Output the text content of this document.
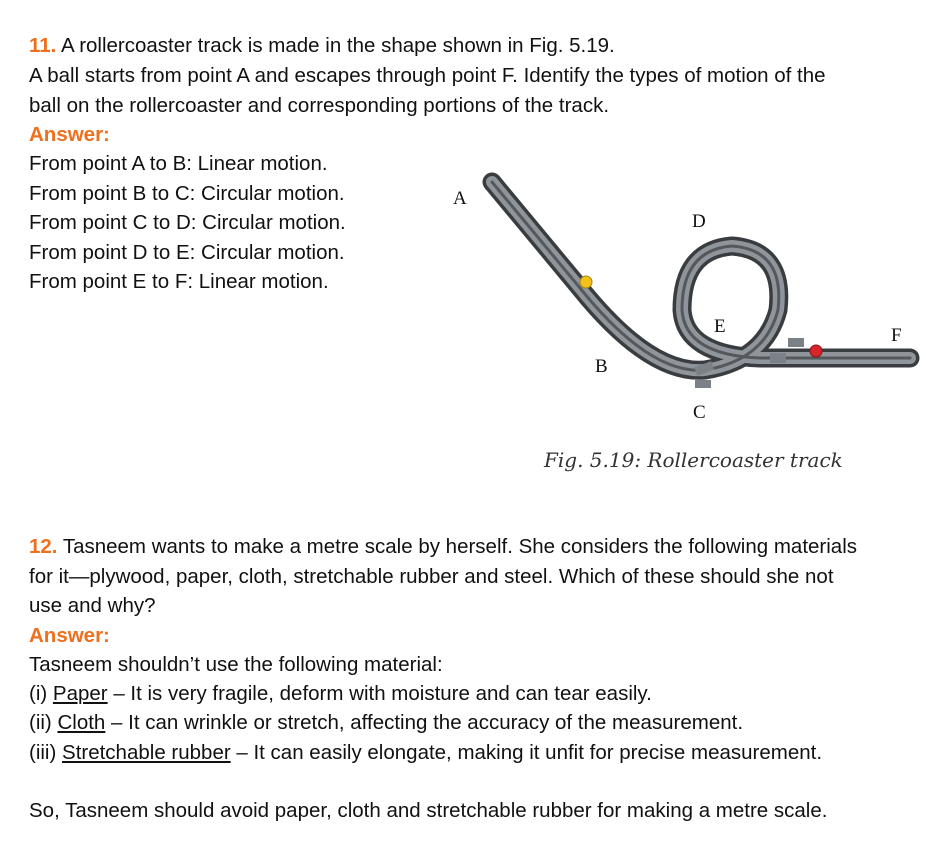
11. A rollercoaster track is made in the shape shown in Fig. 5.19.
A ball starts from point A and escapes through point F. Identify the types of motion of the
ball on the rollercoaster and corresponding portions of the track.
Answer:
From point A to B: Linear motion.
From point B to C: Circular motion.
From point C to D: Circular motion.
From point D to E: Circular motion.
From point E to F: Linear motion.
A
D
E	F
B
C
Fig. 5.19: Rollercoaster track
12. Tasneem wants to make a metre scale by herself. She considers the following materials
for it—plywood, paper, cloth, stretchable rubber and steel. Which of these should she not
use and why?
Answer:
Tasneem shouldn’t use the following material:
(i) Paper – It is very fragile, deform with moisture and can tear easily.
(ii) Cloth – It can wrinkle or stretch, affecting the accuracy of the measurement.
(iii) Stretchable rubber – It can easily elongate, making it unfit for precise measurement.
So, Tasneem should avoid paper, cloth and stretchable rubber for making a metre scale.
